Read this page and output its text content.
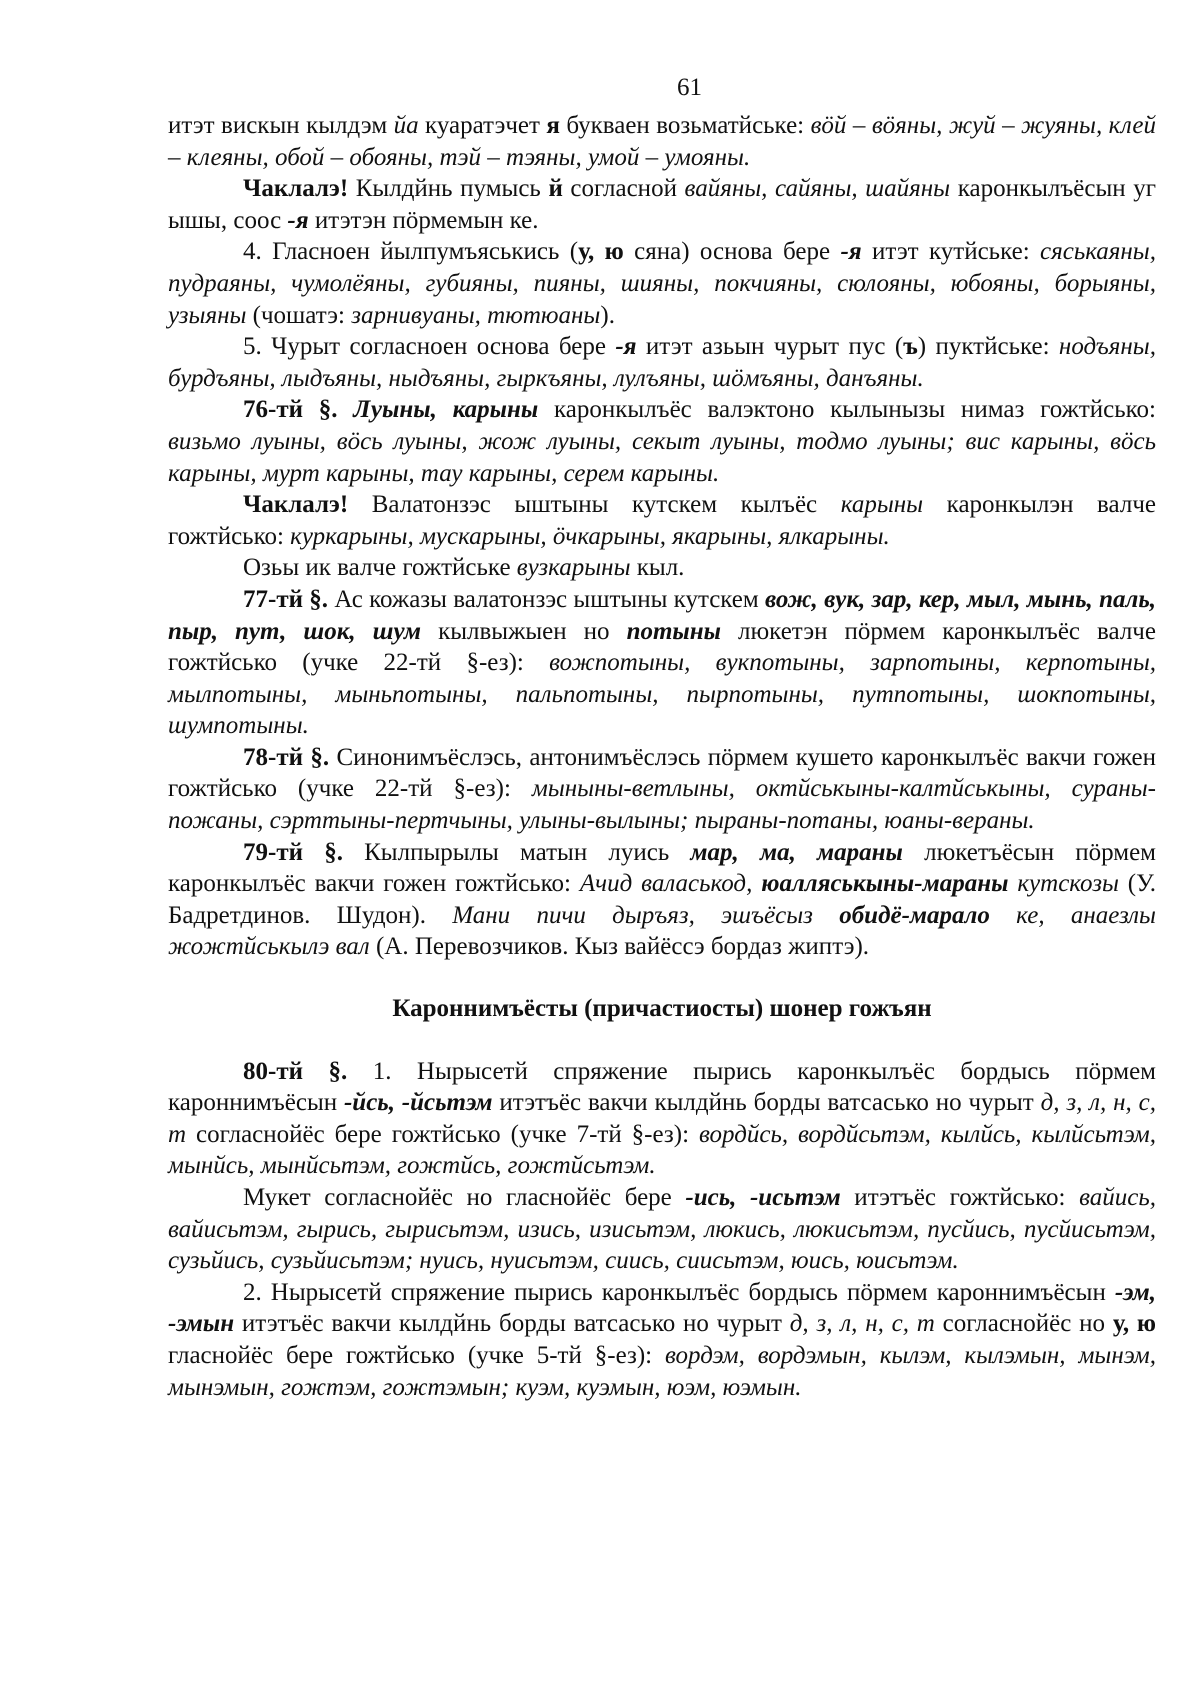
61

итэт вискын кылдэм йа куаратэчет я букваен возьматйське: вöй – вöяны, жуй – жуяны, клей – клеяны, обой – обояны, тэй – тэяны, умой – умояны.

Чаклалэ! Кылдйнь пумысь й согласной вайяны, сайяны, шайяны каронкылъёсын уг ышы, соос -я итэтэн пöрмемын ке.

4. Гласноен йылпумъяськись (у, ю сяна) основа бере -я итэт кутйське: сяськаяны, пудраяны, чумолёяны, губияны, пияны, шияны, покчияны, сюлояны, юбояны, борыяны, узыяны (чошатэ: зарнивуаны, тютюаны).

5. Чурыт согласноен основа бере -я итэт азьын чурыт пус (ъ) пуктйське: нодъяны, бурдъяны, лыдъяны, ныдъяны, гыркъяны, лулъяны, шöмъяны, данъяны.

76-тй §. Луыны, карыны каронкылъёс валэктоно кылынызы нимаз гожтйсько: визьмо луыны, вöсь луыны, жож луыны, секыт луыны, тодмо луыны; вис карыны, вöсь карыны, мурт карыны, тау карыны, серем карыны.

Чаклалэ! Валатонзэс ыштыны кутскем кылъёс карыны каронкылэн валче гожтйсько: куркарыны, мускарыны, öчкарыны, якарыны, ялкарыны.

Озьы ик валче гожтйське вузкарыны кыл.

77-тй §. Ас кожазы валатонзэс ыштыны кутскем вож, вук, зар, кер, мыл, мынь, паль, пыр, пут, шок, шум кылвыжыен но потыны люкетэн пöрмем каронкылъёс валче гожтйсько (учке 22-тй §-ез): вожпотыны, вукпотыны, зарпотыны, керпотыны, мылпотыны, мыньпотыны, пальпотыны, пырпотыны, путпотыны, шокпотыны, шумпотыны.

78-тй §. Синонимъёслэсь, антонимъёслэсь пöрмем кушето каронкылъёс вакчи гожен гожтйсько (учке 22-тй §-ез): мыныны-ветлыны, октйськыны-калтйськыны, сураны-пожаны, сэрттыны-пертчыны, улыны-вылыны; пыраны-потаны, юаны-вераны.

79-тй §. Кылпырылы матын луись мар, ма, мараны люкетъёсын пöрмем каронкылъёс вакчи гожен гожтйсько: Ачид валаськод, юалляськыны-мараны кутскозы (У. Бадретдинов. Шудон). Мани пичи дыръяз, эшъёсыз обидё-марало ке, анаезлы жожтйськылэ вал (А. Перевозчиков. Кыз вайёссэ бордаз жиптэ).

Кароннимъёсты (причастиосты) шонер гожъян

80-тй §. 1. Нырысетй спряжение пырись каронкылъёс бордысь пöрмем кароннимъёсын -йсь, -йсьтэм итэтъёс вакчи кылдйнь борды ватсасько но чурыт д, з, л, н, с, т согласнойёс бере гожтйсько (учке 7-тй §-ез): вордйсь, вордйсьтэм, кылйсь, кылйсьтэм, мынйсь, мынйсьтэм, гожтйсь, гожтйсьтэм.

Мукет согласнойёс но гласнойёс бере -ись, -исьтэм итэтъёс гожтйсько: вайись, вайисьтэм, гырись, гырисьтэм, изись, изисьтэм, люкись, люкисьтэм, пусйись, пусйисьтэм, сузьйись, сузьйисьтэм; нуись, нуисьтэм, сиись, сиисьтэм, юись, юисьтэм.

2. Нырысетй спряжение пырись каронкылъёс бордысь пöрмем кароннимъёсын -эм, -эмын итэтъёс вакчи кылдйнь борды ватсасько но чурыт д, з, л, н, с, т согласнойёс но у, ю гласнойёс бере гожтйсько (учке 5-тй §-ез): вордэм, вордэмын, кылэм, кылэмын, мынэм, мынэмын, гожтэм, гожтэмын; куэм, куэмын, юэм, юэмын.
